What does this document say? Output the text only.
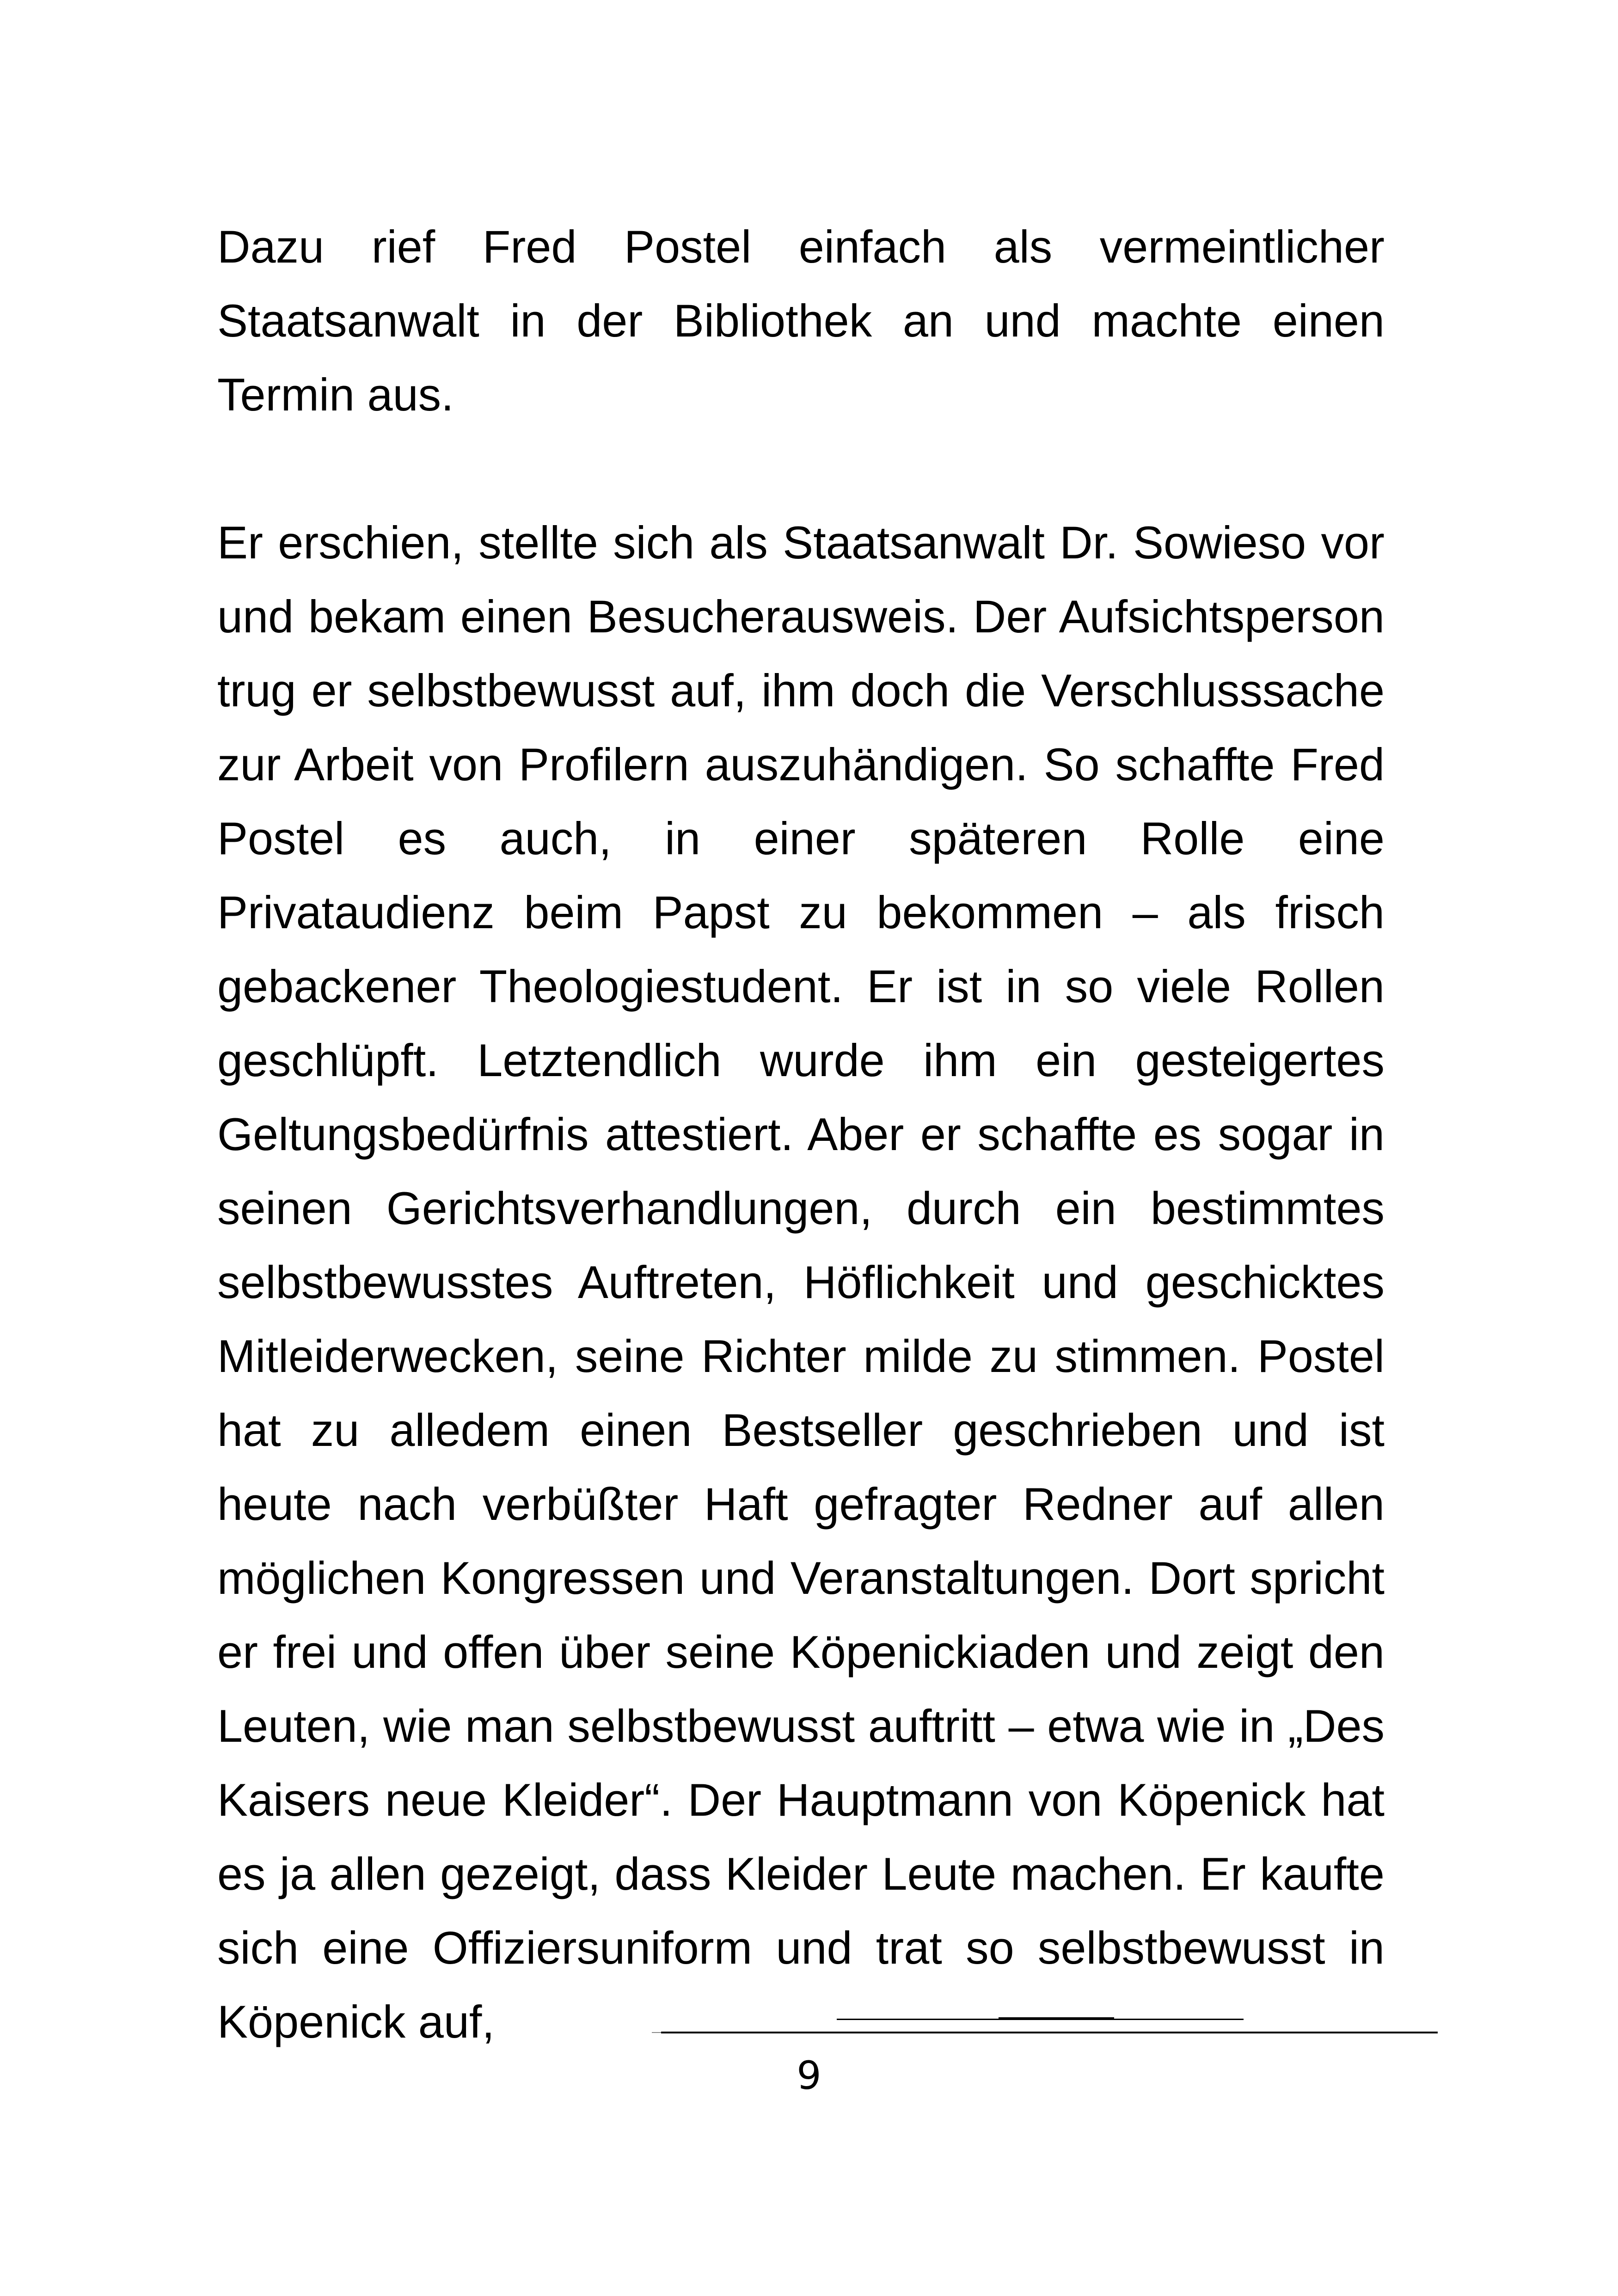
Dazu rief Fred Postel einfach als vermeintlicher Staatsanwalt in der Bibliothek an und machte einen Termin aus.

Er erschien, stellte sich als Staatsanwalt Dr. Sowieso vor und bekam einen Besucherausweis. Der Aufsichtsperson trug er selbstbewusst auf, ihm doch die Verschlusssache zur Arbeit von Profilern auszuhändigen. So schaffte Fred Postel es auch, in einer späteren Rolle eine Privataudienz beim Papst zu bekommen – als frisch gebackener Theologiestudent. Er ist in so viele Rollen geschlüpft. Letztendlich wurde ihm ein gesteigertes Geltungsbedürfnis attestiert. Aber er schaffte es sogar in seinen Gerichtsverhandlungen, durch ein bestimmtes selbstbewusstes Auftreten, Höflichkeit und geschicktes Mitleiderwecken, seine Richter milde zu stimmen. Postel hat zu alledem einen Bestseller geschrieben und ist heute nach verbüßter Haft gefragter Redner auf allen möglichen Kongressen und Veranstaltungen. Dort spricht er frei und offen über seine Köpenickiaden und zeigt den Leuten, wie man selbstbewusst auftritt – etwa wie in „Des Kaisers neue Kleider“. Der Hauptmann von Köpenick hat es ja allen gezeigt, dass Kleider Leute machen. Er kaufte sich eine Offiziersuniform und trat so selbstbewusst in Köpenick auf,

9
